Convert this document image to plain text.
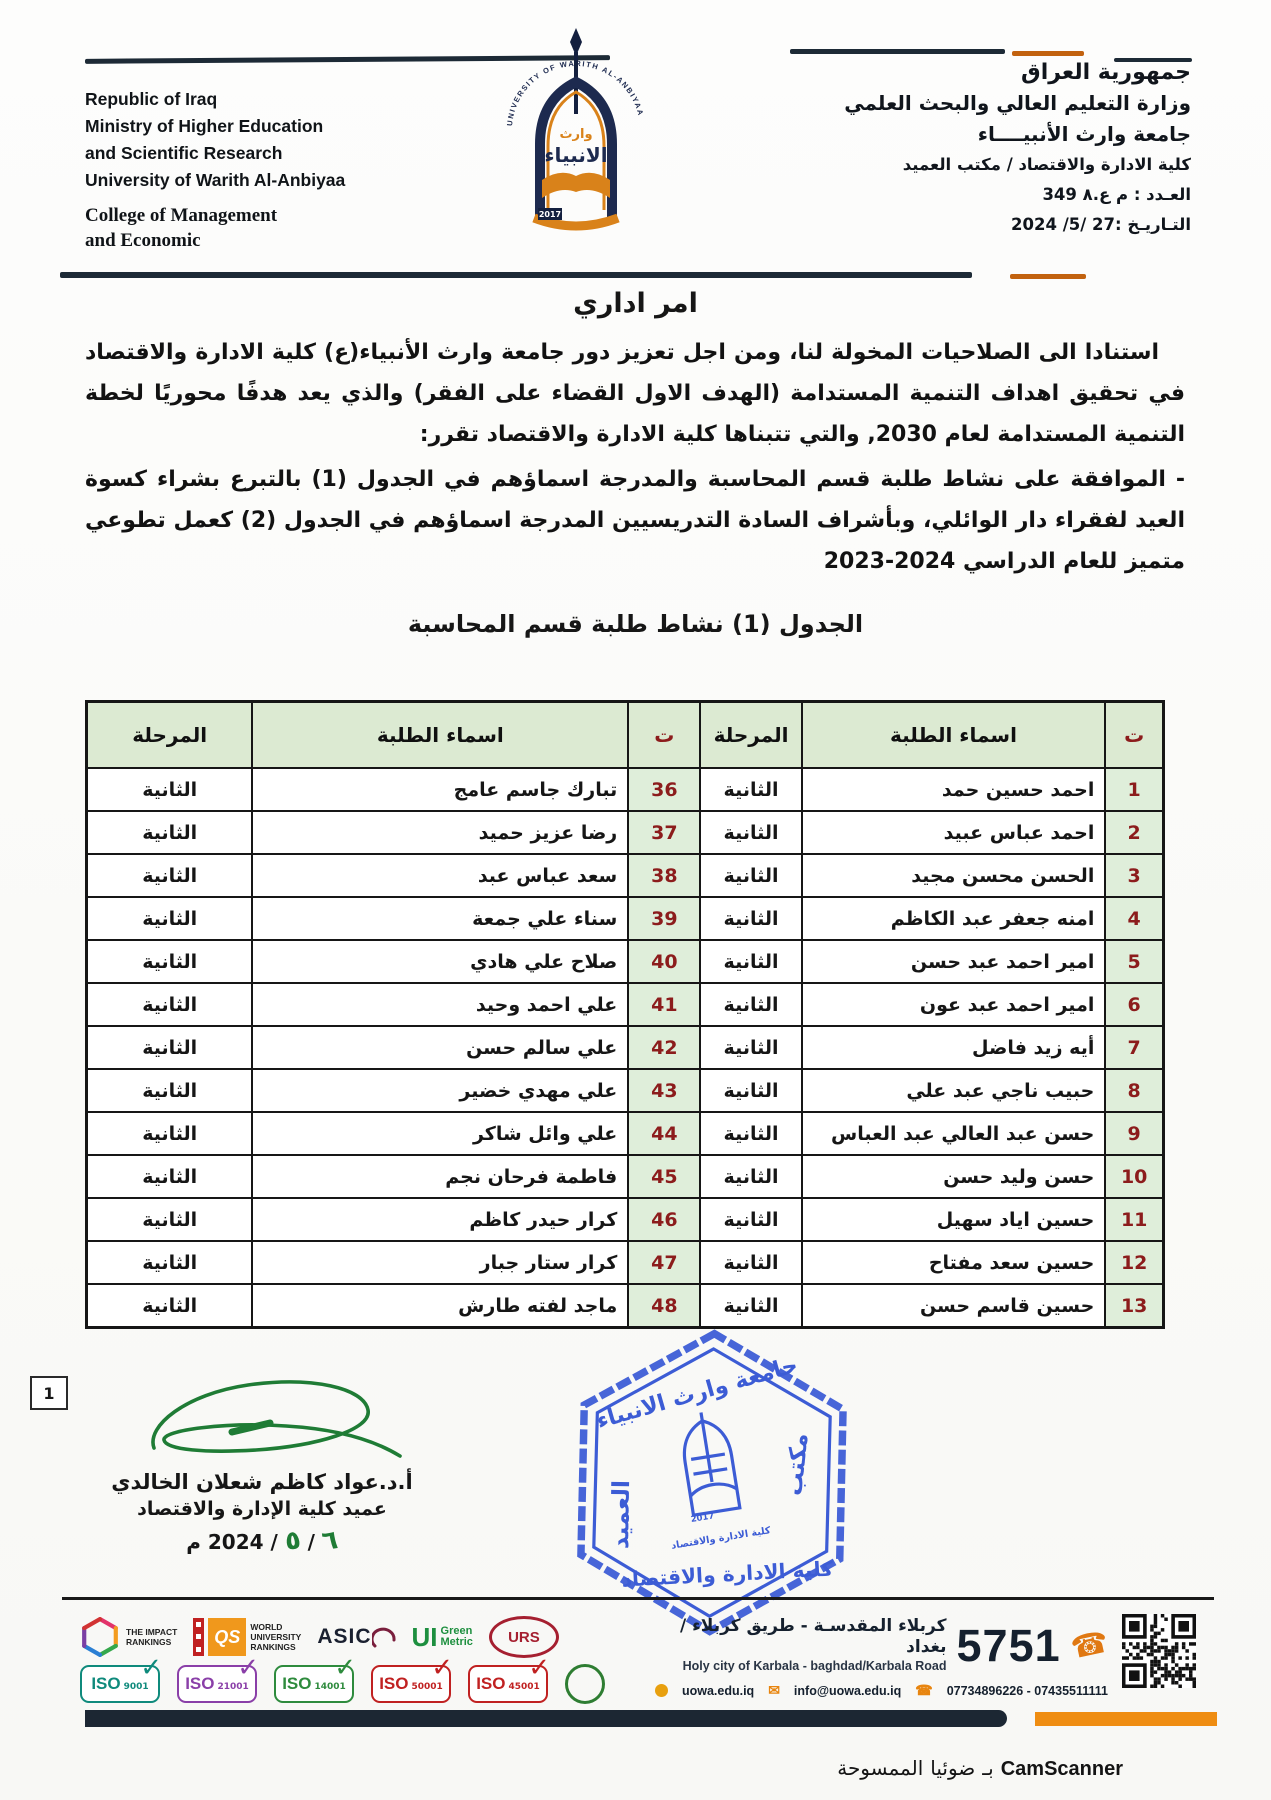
Republic of Iraq
Ministry of Higher Education
and Scientific Research
University of Warith Al-Anbiyaa
College of Management
and Economic
UNIVERSITY OF WARITH AL-ANBIYAA
وارث
الانبياء
2017
جمهورية العراق
وزارة التعليم العالي والبحث العلمي
جامعة وارث الأنبيــــاء
كلية الادارة والاقتصاد / مكتب العميد
العـدد : م ع.٨ 349
التـاريـخ :27 /5/ 2024
امر اداري

استنادا الى الصلاحيات المخولة لنا، ومن اجل تعزيز دور جامعة وارث الأنبياء(ع) كلية الادارة والاقتصاد في تحقيق اهداف التنمية المستدامة (الهدف الاول القضاء على الفقر) والذي يعد هدفًا محوريًا لخطة التنمية المستدامة لعام 2030, والتي تتبناها كلية الادارة والاقتصاد تقرر:

- الموافقة على نشاط طلبة قسم المحاسبة والمدرجة اسماؤهم في الجدول (1) بالتبرع بشراء كسوة العيد لفقراء دار الوائلي، وبأشراف السادة التدريسيين المدرجة اسماؤهم في الجدول (2) كعمل تطوعي متميز للعام الدراسي 2024-2023

الجدول (1) نشاط طلبة قسم المحاسبة
ت	اسماء الطلبة	المرحلة	ت	اسماء الطلبة	المرحلة
1	احمد حسين حمد	الثانية	36	تبارك جاسم عامج	الثانية
2	احمد عباس عبيد	الثانية	37	رضا عزيز حميد	الثانية
3	الحسن محسن مجيد	الثانية	38	سعد عباس عبد	الثانية
4	امنه جعفر عبد الكاظم	الثانية	39	سناء علي جمعة	الثانية
5	امير احمد عبد حسن	الثانية	40	صلاح علي هادي	الثانية
6	امير احمد عبد عون	الثانية	41	علي احمد وحيد	الثانية
7	أيه زيد فاضل	الثانية	42	علي سالم حسن	الثانية
8	حبيب ناجي عبد علي	الثانية	43	علي مهدي خضير	الثانية
9	حسن عبد العالي عبد العباس	الثانية	44	علي وائل شاكر	الثانية
10	حسن وليد حسن	الثانية	45	فاطمة فرحان نجم	الثانية
11	حسين اياد سهيل	الثانية	46	كرار حيدر كاظم	الثانية
12	حسين سعد مفتاح	الثانية	47	كرار ستار جبار	الثانية
13	حسين قاسم حسن	الثانية	48	ماجد لفته طارش	الثانية
1
أ.د.عواد كاظم شعلان الخالدي
عميد كلية الإدارة والاقتصاد
٦ / ٥ / 2024 م
جامعة وارث الانبياء
مكتب
العميد
كلية الادارة والاقتصاد
كلية الادارة والاقتصاد
2017
THE IMPACT
RANKINGS	QS	WORLD
UNIVERSITY
RANKINGS ASIC UI Green
Metric	URS
ISO 9001
✓
ISO 21001
✓
ISO 14001
✓
ISO 50001
✓
ISO 45001
✓
كربلاء المقدسـة - طريق كربلاء / بغداد
Holy city of Karbala - baghdad/Karbala Road 5751 ☎
uowa.edu.iq ✉ info@uowa.edu.iq ☎ 07734896226 - 07435511111
الممسوحة ضوئيا بـ CamScanner
